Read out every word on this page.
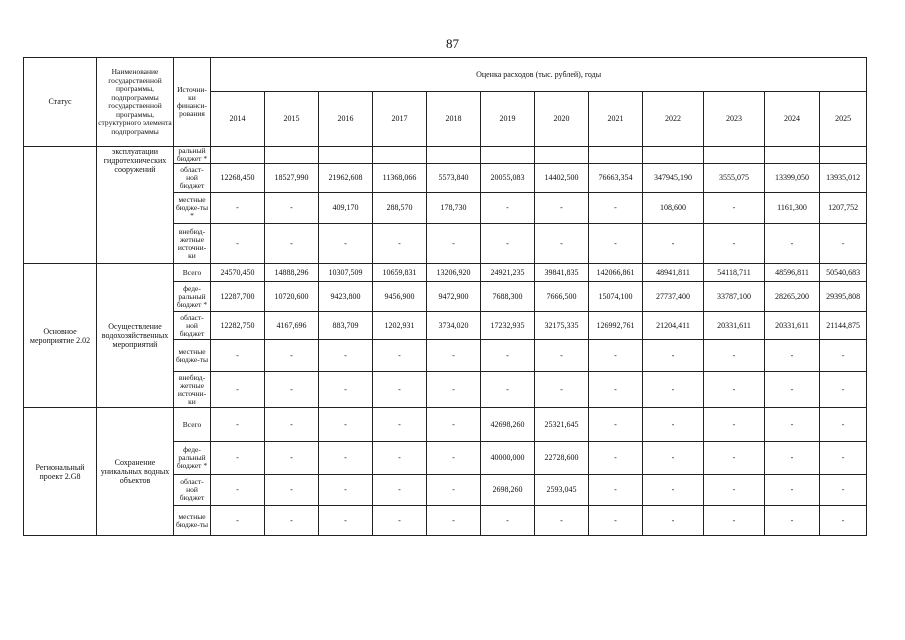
87
Статус	Наименование государственной программы, подпрограммы государственной программы, структурного элемента подпрограммы	Источни-ки финанси-рования	Оценка расходов (тыс. рублей), годы											
			2014	2015	2016	2017	2018	2019	2020	2021	2022	2023	2024	2025
	эксплуатации гидротехнических сооружений	ральный бюджет *												
		област-ной бюджет	12268,450	18527,990	21962,608	11368,066	5573,840	20055,083	14402,500	76663,354	347945,190	3555,075	13399,050	13935,012
		местные бюдже-ты *	-	-	409,170	288,570	178,730	-	-	-	108,600	-	1161,300	1207,752
		внебюд-жетные источни-ки	-	-	-	-	-	-	-	-	-	-	-	-
Основное мероприятие 2.02	Осуществление водохозяйственных мероприятий	Всего	24570,450	14888,296	10307,509	10659,831	13206,920	24921,235	39841,835	142066,861	48941,811	54118,711	48596,811	50540,683
		феде-ральный бюджет *	12287,700	10720,600	9423,800	9456,900	9472,900	7688,300	7666,500	15074,100	27737,400	33787,100	28265,200	29395,808
		област-ной бюджет	12282,750	4167,696	883,709	1202,931	3734,020	17232,935	32175,335	126992,761	21204,411	20331,611	20331,611	21144,875
		местные бюдже-ты	-	-	-	-	-	-	-	-	-	-	-	-
		внебюд-жетные источни-ки	-	-	-	-	-	-	-	-	-	-	-	-
Региональный проект 2.G8	Сохранение уникальных водных объектов	Всего	-	-	-	-	-	42698,260	25321,645	-	-	-	-	-
		феде-ральный бюджет *	-	-	-	-	-	40000,000	22728,600	-	-	-	-	-
		област-ной бюджет	-	-	-	-	-	2698,260	2593,045	-	-	-	-	-
		местные бюдже-ты	-	-	-	-	-	-	-	-	-	-	-	-
